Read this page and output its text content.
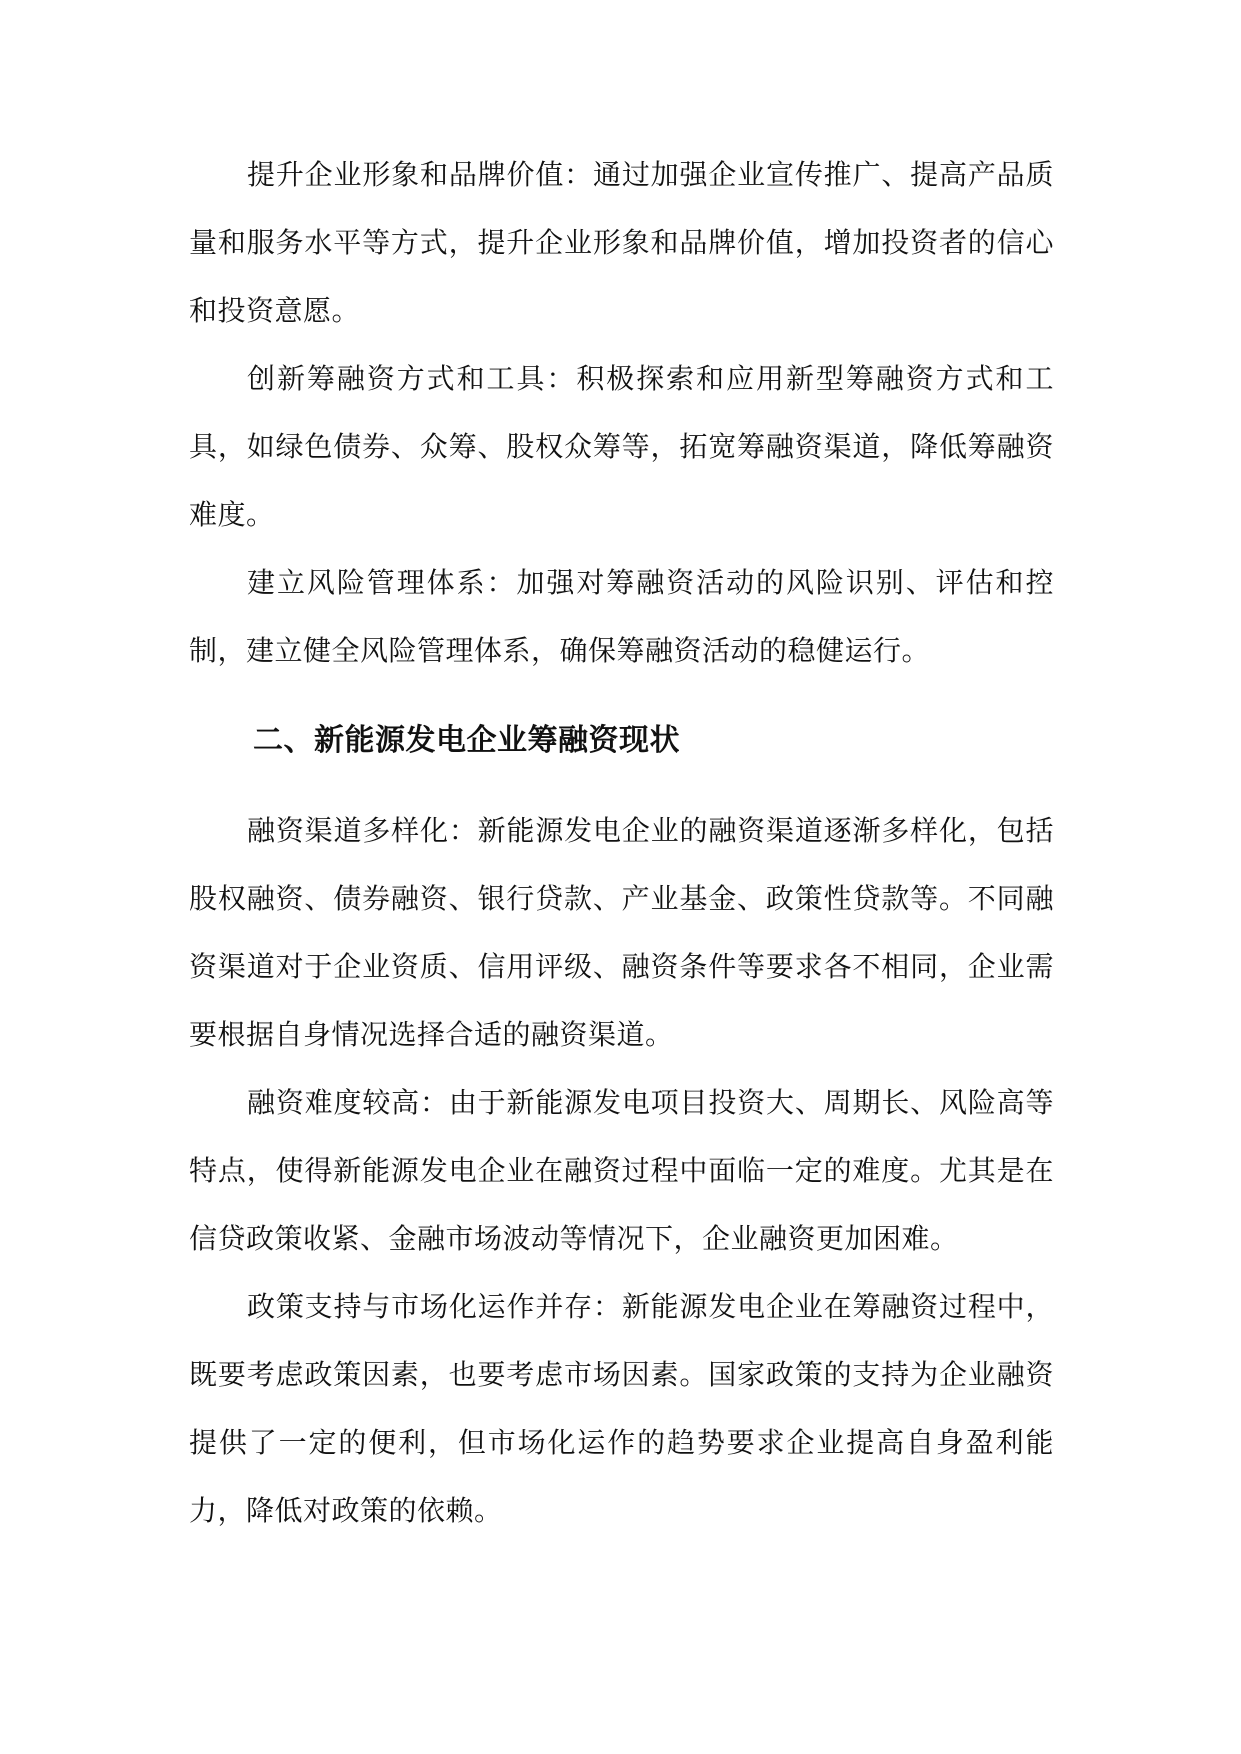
提升企业形象和品牌价值：通过加强企业宣传推广、提高产品质量和服务水平等方式，提升企业形象和品牌价值，增加投资者的信心和投资意愿。

创新筹融资方式和工具：积极探索和应用新型筹融资方式和工具，如绿色债券、众筹、股权众筹等，拓宽筹融资渠道，降低筹融资难度。

建立风险管理体系：加强对筹融资活动的风险识别、评估和控制，建立健全风险管理体系，确保筹融资活动的稳健运行。

二、新能源发电企业筹融资现状

融资渠道多样化：新能源发电企业的融资渠道逐渐多样化，包括股权融资、债券融资、银行贷款、产业基金、政策性贷款等。不同融资渠道对于企业资质、信用评级、融资条件等要求各不相同，企业需要根据自身情况选择合适的融资渠道。

融资难度较高：由于新能源发电项目投资大、周期长、风险高等特点，使得新能源发电企业在融资过程中面临一定的难度。尤其是在信贷政策收紧、金融市场波动等情况下，企业融资更加困难。

政策支持与市场化运作并存：新能源发电企业在筹融资过程中，既要考虑政策因素，也要考虑市场因素。国家政策的支持为企业融资提供了一定的便利，但市场化运作的趋势要求企业提高自身盈利能力，降低对政策的依赖。
